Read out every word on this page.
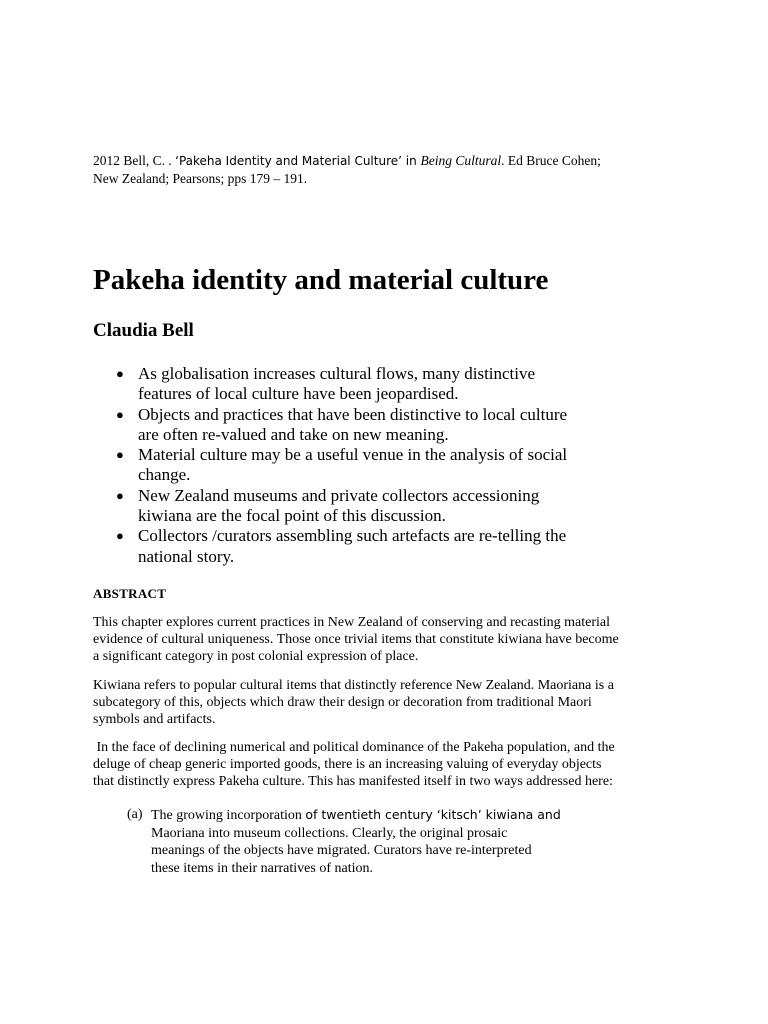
2012 Bell, C. . ‘Pakeha Identity and Material Culture’ in Being Cultural. Ed Bruce Cohen;
New Zealand; Pearsons; pps 179 – 191.
Pakeha identity and material culture
Claudia Bell
● As globalisation increases cultural flows, many distinctive
features of local culture have been jeopardised.
● Objects and practices that have been distinctive to local culture
are often re-valued and take on new meaning.
● Material culture may be a useful venue in the analysis of social
change.
● New Zealand museums and private collectors accessioning
kiwiana are the focal point of this discussion.
● Collectors /curators assembling such artefacts are re-telling the
national story.
ABSTRACT

This chapter explores current practices in New Zealand of conserving and recasting material
evidence of cultural uniqueness. Those once trivial items that constitute kiwiana have become
a significant category in post colonial expression of place.

Kiwiana refers to popular cultural items that distinctly reference New Zealand. Maoriana is a
subcategory of this, objects which draw their design or decoration from traditional Maori
symbols and artifacts.

In the face of declining numerical and political dominance of the Pakeha population, and the
deluge of cheap generic imported goods, there is an increasing valuing of everyday objects
that distinctly express Pakeha culture. This has manifested itself in two ways addressed here:

(a) The growing incorporation of twentieth century ‘kitsch’ kiwiana and
Maoriana into museum collections. Clearly, the original prosaic
meanings of the objects have migrated. Curators have re-interpreted
these items in their narratives of nation.
